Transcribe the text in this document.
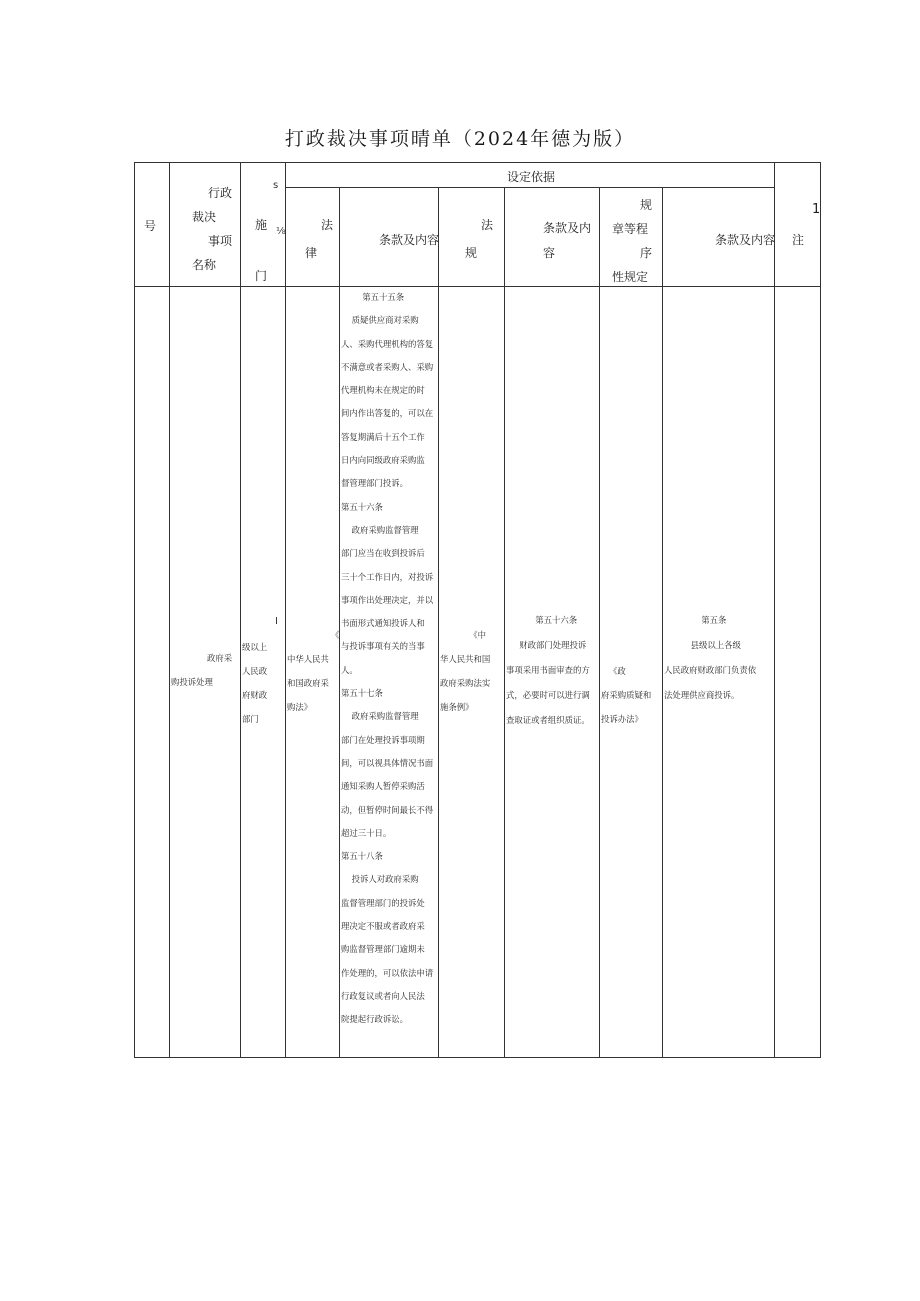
打政裁决事项晴单（2024年德为版）
号
行政
裁决
事项
名称
s
施 ⅛
门
设定依据
法
律
条款及内容
法
规
条款及内
容
规
章等程
序
性规定
条款及内容
1
注
政府采
购投诉处理
I
级以上
人民政
府财政
部门
《
中华人民共
和国政府采
购法》
第五十五条
质疑供应商对采购
人、采购代理机构的答复
不满意或者采购人、采购
代理机构未在规定的时
间内作出答复的，可以在
答复期满后十五个工作
日内向同级政府采购监
督管理部门投诉。
第五十六条
政府采购监督管理
部门应当在收到投诉后
三十个工作日内，对投诉
事项作出处理决定，并以
书面形式通知投诉人和
与投诉事项有关的当事
人。
第五十七条
政府采购监督管理
部门在处理投诉事项期
间，可以视具体情况书面
通知采购人暂停采购活
动，但暂停时间最长不得
超过三十日。
第五十八条
投诉人对政府采购
监督管理部门的投诉处
理决定不服或者政府采
购监督管理部门逾期未
作处理的，可以依法申请
行政复议或者向人民法
院提起行政诉讼。
《中
华人民共和国
政府采购法实
施条例》
第五十六条
财政部门处理投诉
事项采用书面审查的方
式，必要时可以进行调
查取证或者组织质证。
《政
府采购质疑和
投诉办法》
第五条
县级以上各级
人民政府财政部门负责依
法处理供应商投诉。
